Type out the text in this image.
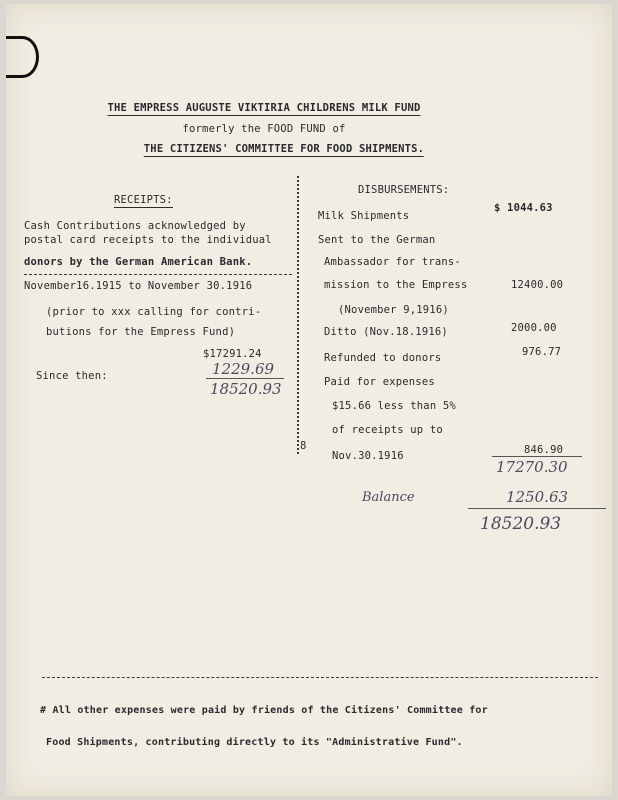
THE EMPRESS AUGUSTE VIKTIRIA CHILDRENS MILK FUND
formerly the FOOD FUND of
THE CITIZENS' COMMITTEE FOR FOOD SHIPMENTS.
RECEIPTS:
Cash Contributions acknowledged by
postal card receipts to the individual
donors by the German American Bank.
November16.1915 to November 30.1916
(prior to xxx calling for contri-
butions for the Empress Fund)
$17291.24
Since then:	1229.69
18520.93
8
DISBURSEMENTS:
Milk Shipments
$ 1044.63
Sent to the German
Ambassador for trans-
mission to the Empress	12400.00
(November 9,1916)
Ditto (Nov.18.1916)	2000.00
Refunded to donors	976.77
Paid for expenses
$15.66 less than 5%
of receipts up to
Nov.30.1916	846.90
17270.30
Balance	1250.63
18520.93
# All other expenses were paid by friends of the Citizens' Committee for
Food Shipments, contributing directly to its "Administrative Fund".
